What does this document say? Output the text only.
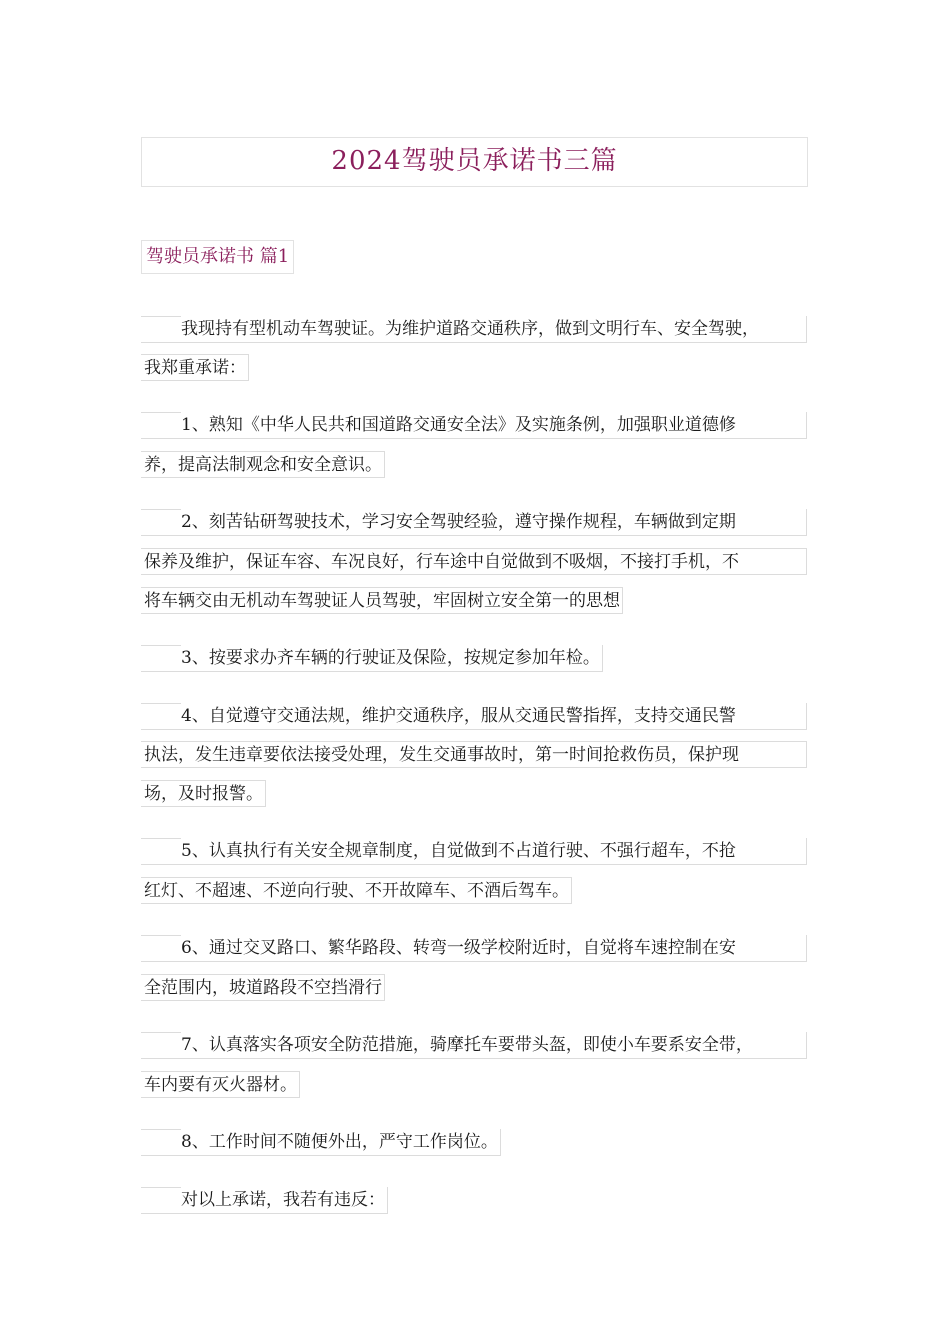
2024驾驶员承诺书三篇
驾驶员承诺书 篇1
我现持有型机动车驾驶证。为维护道路交通秩序，做到文明行车、安全驾驶，
我郑重承诺：
1、熟知《中华人民共和国道路交通安全法》及实施条例，加强职业道德修
养，提高法制观念和安全意识。
2、刻苦钻研驾驶技术，学习安全驾驶经验，遵守操作规程，车辆做到定期
保养及维护，保证车容、车况良好，行车途中自觉做到不吸烟，不接打手机，不
将车辆交由无机动车驾驶证人员驾驶，牢固树立安全第一的思想
3、按要求办齐车辆的行驶证及保险，按规定参加年检。
4、自觉遵守交通法规，维护交通秩序，服从交通民警指挥，支持交通民警
执法，发生违章要依法接受处理，发生交通事故时，第一时间抢救伤员，保护现
场，及时报警。
5、认真执行有关安全规章制度，自觉做到不占道行驶、不强行超车，不抢
红灯、不超速、不逆向行驶、不开故障车、不酒后驾车。
6、通过交叉路口、繁华路段、转弯一级学校附近时，自觉将车速控制在安
全范围内，坡道路段不空挡滑行
7、认真落实各项安全防范措施，骑摩托车要带头盔，即使小车要系安全带，
车内要有灭火器材。
8、工作时间不随便外出，严守工作岗位。
对以上承诺，我若有违反：
